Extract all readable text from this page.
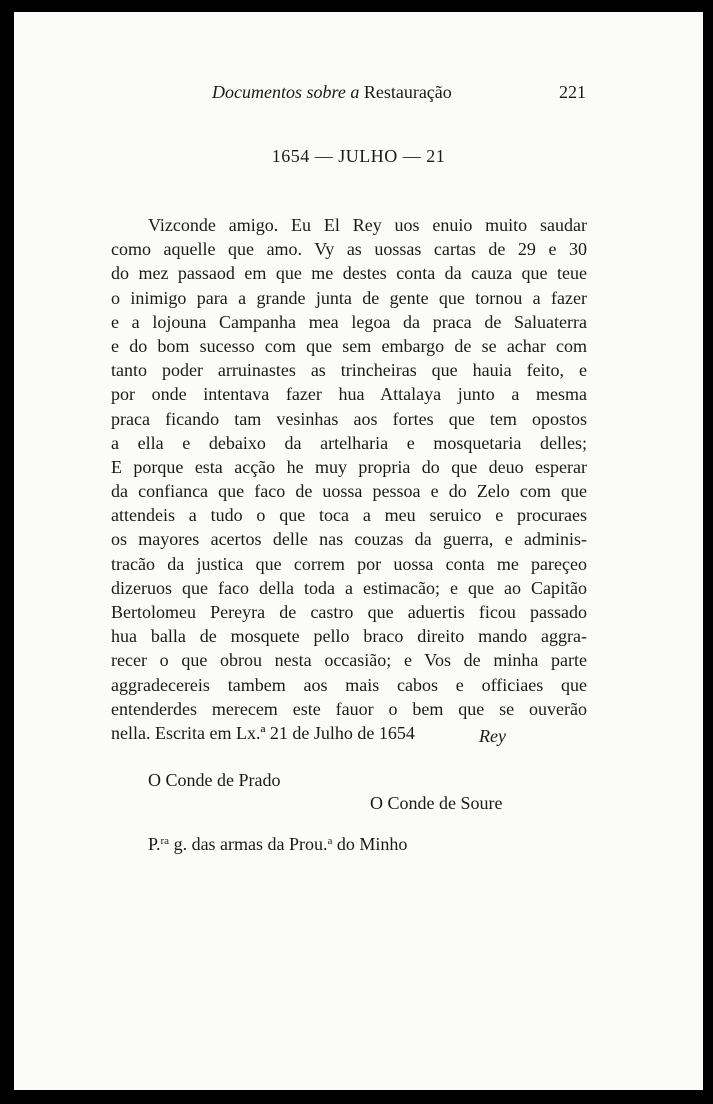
Documentos sobre a Restauração	221
1654 — JULHO — 21
Vizconde amigo. Eu El Rey uos enuio muito saudar
como aquelle que amo. Vy as uossas cartas de 29 e 30
do mez passaod em que me destes conta da cauza que teue
o inimigo para a grande junta de gente que tornou a fazer
e a lojouna Campanha mea legoa da praca de Saluaterra
e do bom sucesso com que sem embargo de se achar com
tanto poder arruinastes as trincheiras que hauia feito, e
por onde intentava fazer hua Attalaya junto a mesma
praca ficando tam vesinhas aos fortes que tem opostos
a ella e debaixo da artelharia e mosquetaria delles;
E porque esta acção he muy propria do que deuo esperar
da confianca que faco de uossa pessoa e do Zelo com que
attendeis a tudo o que toca a meu seruico e procuraes
os mayores acertos delle nas couzas da guerra, e adminis-
tracão da justica que correm por uossa conta me pareçeo
dizeruos que faco della toda a estimacão; e que ao Capitão
Bertolomeu Pereyra de castro que aduertis ficou passado
hua balla de mosquete pello braco direito mando aggra-
recer o que obrou nesta occasião; e Vos de minha parte
aggradecereis tambem aos mais cabos e officiaes que
entenderdes merecem este fauor o bem que se ouverão
nella. Escrita em Lx.ª 21 de Julho de 1654	Rey
O Conde de Prado
O Conde de Soure
P.$^{ra}$ g. das armas da Prou.$^a$ do Minho
